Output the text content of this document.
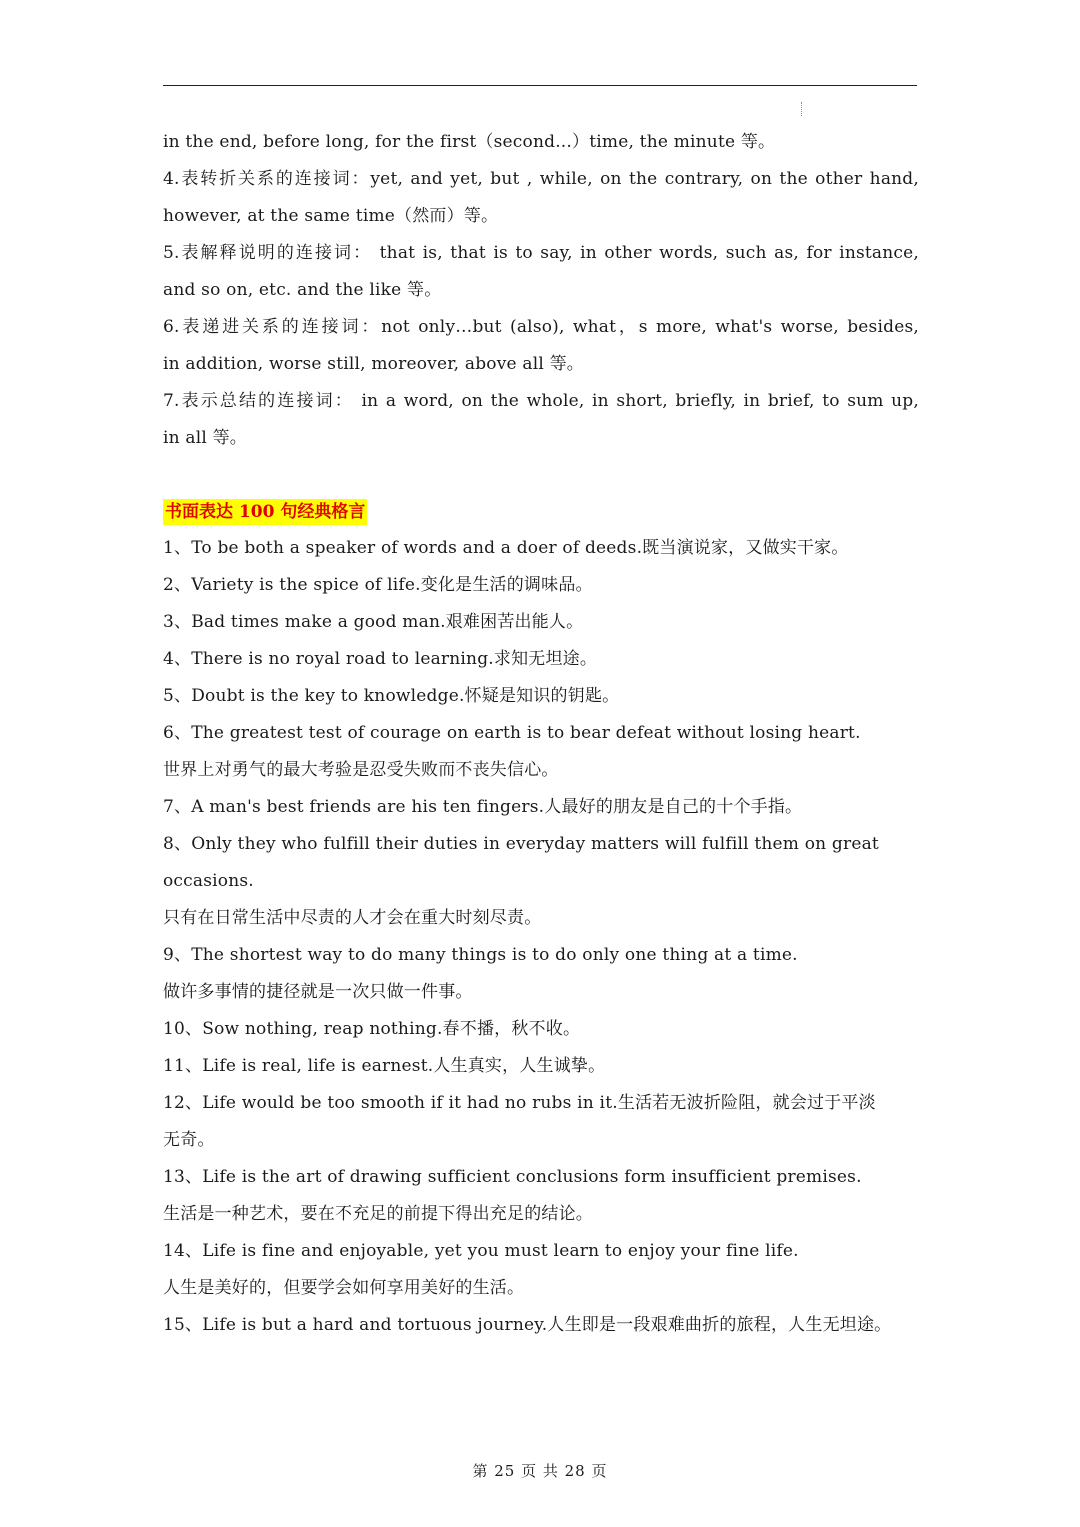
in the end, before long, for the first（second...）time, the minute 等。
4.表转折关系的连接词：yet, and yet, but , while, on the contrary, on the other hand,
however, at the same time（然而）等。
5.表解释说明的连接词： that is, that is to say, in other words, such as, for instance,
and so on, etc. and the like 等。
6.表递进关系的连接词：not only…but (also), what，s more, what's worse, besides,
in addition, worse still, moreover, above all 等。
7.表示总结的连接词： in a word, on the whole, in short, briefly, in brief, to sum up,
in all 等。
书面表达 100 句经典格言
1、To be both a speaker of words and a doer of deeds.既当演说家，又做实干家。
2、Variety is the spice of life.变化是生活的调味品。
3、Bad times make a good man.艰难困苦出能人。
4、There is no royal road to learning.求知无坦途。
5、Doubt is the key to knowledge.怀疑是知识的钥匙。
6、The greatest test of courage on earth is to bear defeat without losing heart.
世界上对勇气的最大考验是忍受失败而不丧失信心。
7、A man's best friends are his ten fingers.人最好的朋友是自己的十个手指。
8、Only they who fulfill their duties in everyday matters will fulfill them on great
occasions.
只有在日常生活中尽责的人才会在重大时刻尽责。
9、The shortest way to do many things is to do only one thing at a time.
做许多事情的捷径就是一次只做一件事。
10、Sow nothing, reap nothing.春不播，秋不收。
11、Life is real, life is earnest.人生真实，人生诚挚。
12、Life would be too smooth if it had no rubs in it.生活若无波折险阻，就会过于平淡
无奇。
13、Life is the art of drawing sufficient conclusions form insufficient premises.
生活是一种艺术，要在不充足的前提下得出充足的结论。
14、Life is fine and enjoyable, yet you must learn to enjoy your fine life.
人生是美好的，但要学会如何享用美好的生活。
15、Life is but a hard and tortuous journey.人生即是一段艰难曲折的旅程，人生无坦途。
第 25 页 共 28 页
